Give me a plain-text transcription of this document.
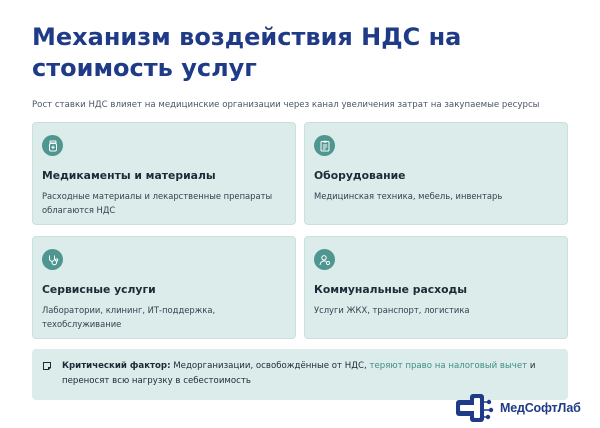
Механизм воздействия НДС на стоимость услуг
Рост ставки НДС влияет на медицинские организации через канал увеличения затрат на закупаемые ресурсы
Медикаменты и материалы
Расходные материалы и лекарственные препараты облагаются НДС
Оборудование
Медицинская техника, мебель, инвентарь
Сервисные услуги
Лаборатории, клининг, ИТ-поддержка, техобслуживание
Коммунальные расходы
Услуги ЖКХ, транспорт, логистика
Критический фактор: Медорганизации, освобождённые от НДС, теряют право на налоговый вычет и переносят всю нагрузку в себестоимость
МедСофтЛаб
